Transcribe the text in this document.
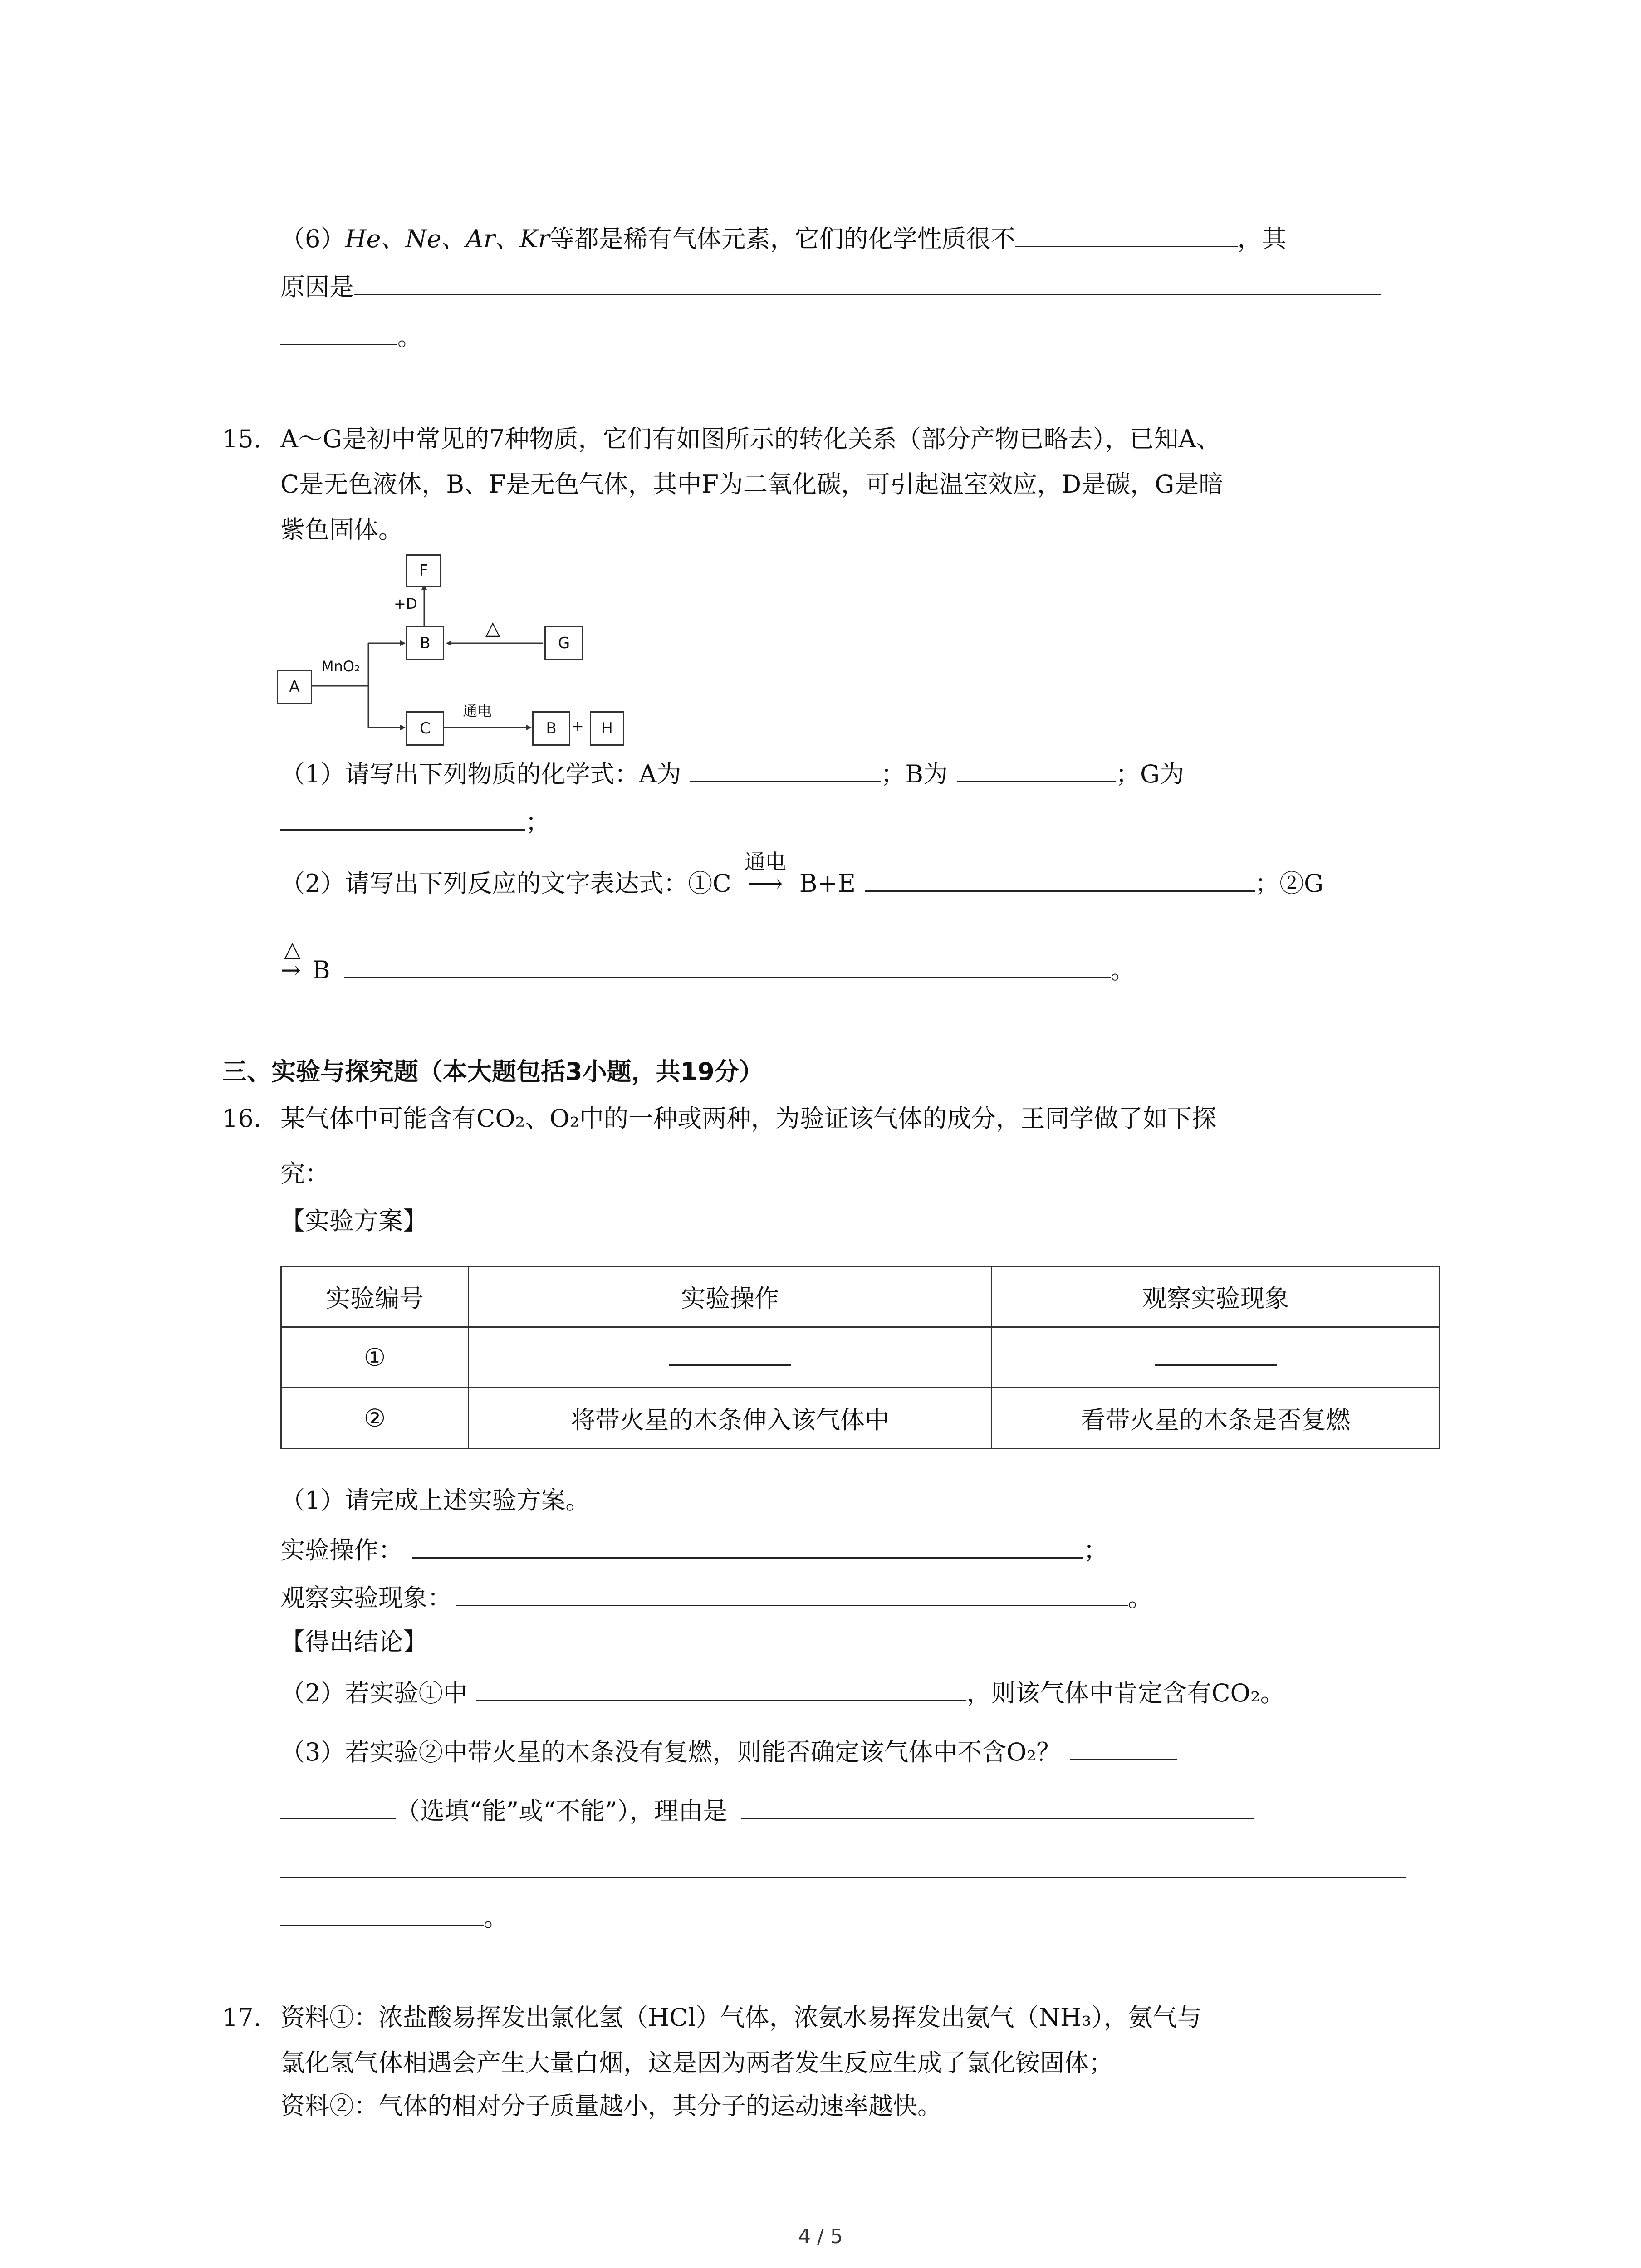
（6）He、Ne、Ar、Kr等都是稀有气体元素，它们的化学性质很不	，其
原因是
。
15. A～G是初中常见的7种物质，它们有如图所示的转化关系（部分产物已略去），已知A、
C是无色液体，B、F是无色气体，其中F为二氧化碳，可引起温室效应，D是碳，G是暗
紫色固体。
A
B
C
F
G
B	H
+D
MnO₂
△
通电
+
（1）请写出下列物质的化学式：A为	；B为	；G为
；
（2）请写出下列反应的文字表达式：①C
通电
⟶ B+E	；②G
△
→ B	。
三、实验与探究题（本大题包括3小题，共19分）
16. 某气体中可能含有CO₂、O₂中的一种或两种，为验证该气体的成分，王同学做了如下探
究：
【实验方案】
实验编号	实验操作	观察实验现象
①		
②	将带火星的木条伸入该气体中	看带火星的木条是否复燃
（1）请完成上述实验方案。
实验操作：	；
观察实验现象：	。
【得出结论】
（2）若实验①中	，则该气体中肯定含有CO₂。
（3）若实验②中带火星的木条没有复燃，则能否确定该气体中不含O₂？
（选填“能”或“不能”），理由是
。
17. 资料①：浓盐酸易挥发出氯化氢（HCl）气体，浓氨水易挥发出氨气（NH₃），氨气与
氯化氢气体相遇会产生大量白烟，这是因为两者发生反应生成了氯化铵固体；
资料②：气体的相对分子质量越小，其分子的运动速率越快。
4 / 5
